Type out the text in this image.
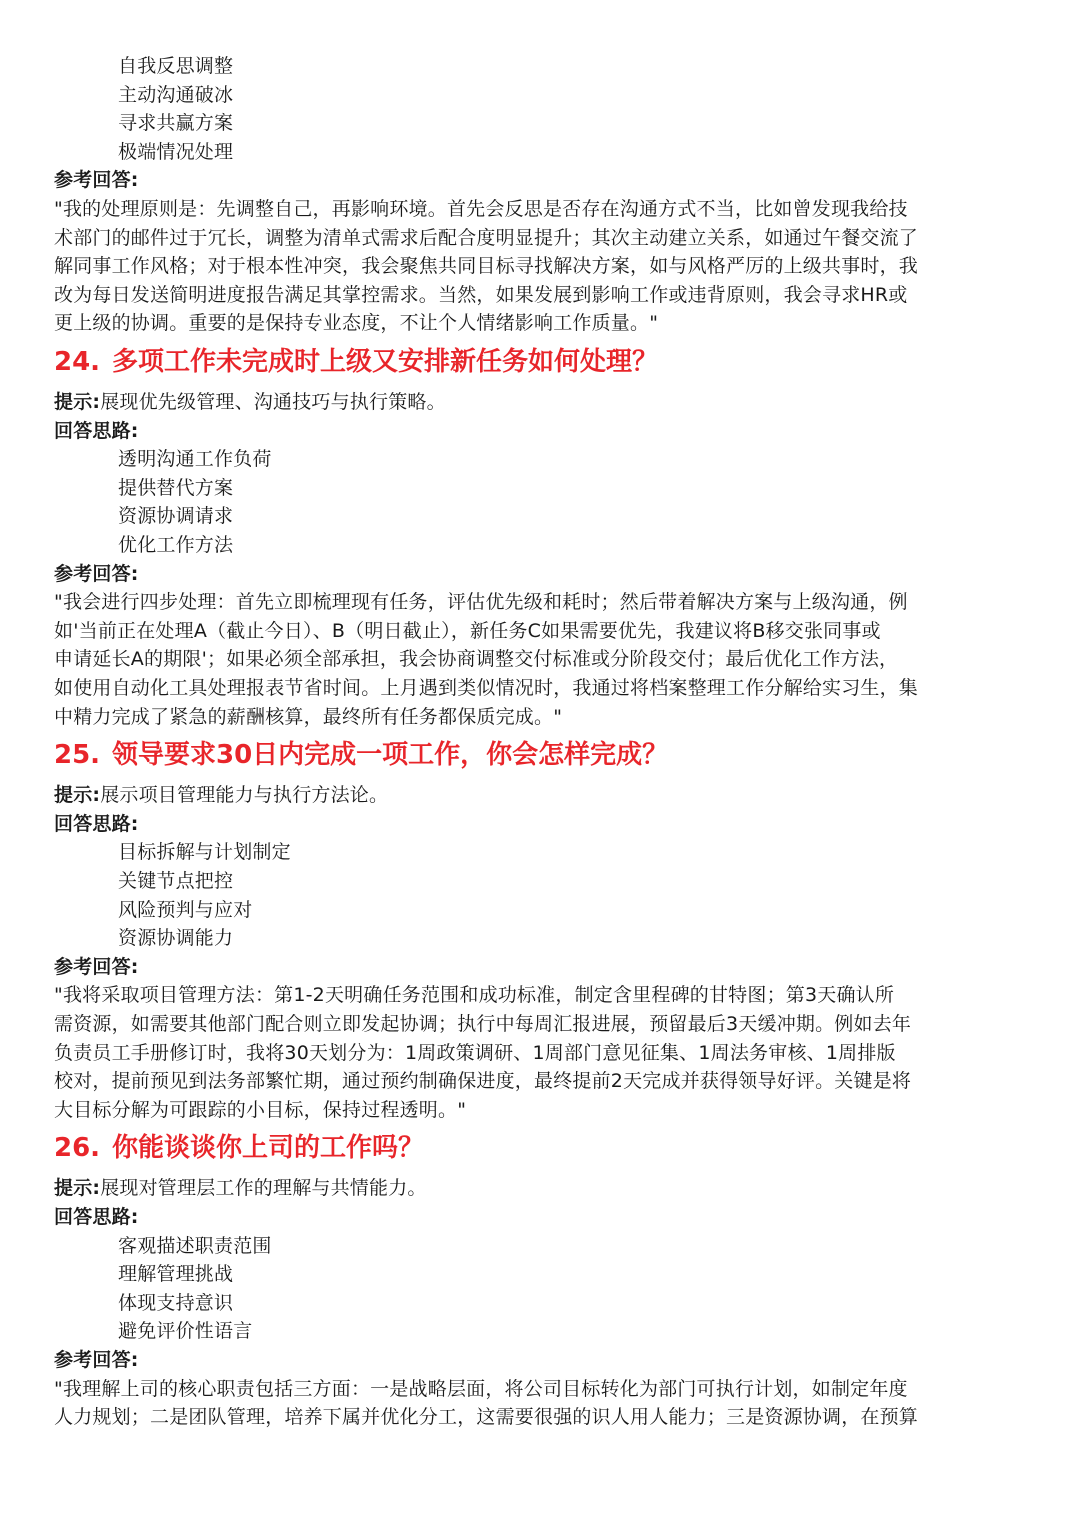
自我反思调整
主动沟通破冰
寻求共赢方案
极端情况处理
参考回答:
"我的处理原则是：先调整自己，再影响环境。首先会反思是否存在沟通方式不当，比如曾发现我给技
术部门的邮件过于冗长，调整为清单式需求后配合度明显提升；其次主动建立关系，如通过午餐交流了
解同事工作风格；对于根本性冲突，我会聚焦共同目标寻找解决方案，如与风格严厉的上级共事时，我
改为每日发送简明进度报告满足其掌控需求。当然，如果发展到影响工作或违背原则，我会寻求HR或
更上级的协调。重要的是保持专业态度，不让个人情绪影响工作质量。"
24. 多项工作未完成时上级又安排新任务如何处理？
提示:展现优先级管理、沟通技巧与执行策略。
回答思路:
透明沟通工作负荷
提供替代方案
资源协调请求
优化工作方法
参考回答:
"我会进行四步处理：首先立即梳理现有任务，评估优先级和耗时；然后带着解决方案与上级沟通，例
如'当前正在处理A（截止今日）、B（明日截止），新任务C如果需要优先，我建议将B移交张同事或
申请延长A的期限'；如果必须全部承担，我会协商调整交付标准或分阶段交付；最后优化工作方法，
如使用自动化工具处理报表节省时间。上月遇到类似情况时，我通过将档案整理工作分解给实习生，集
中精力完成了紧急的薪酬核算，最终所有任务都保质完成。"
25. 领导要求30日内完成一项工作，你会怎样完成？
提示:展示项目管理能力与执行方法论。
回答思路:
目标拆解与计划制定
关键节点把控
风险预判与应对
资源协调能力
参考回答:
"我将采取项目管理方法：第1-2天明确任务范围和成功标准，制定含里程碑的甘特图；第3天确认所
需资源，如需要其他部门配合则立即发起协调；执行中每周汇报进展，预留最后3天缓冲期。例如去年
负责员工手册修订时，我将30天划分为：1周政策调研、1周部门意见征集、1周法务审核、1周排版
校对，提前预见到法务部繁忙期，通过预约制确保进度，最终提前2天完成并获得领导好评。关键是将
大目标分解为可跟踪的小目标，保持过程透明。"
26. 你能谈谈你上司的工作吗？
提示:展现对管理层工作的理解与共情能力。
回答思路:
客观描述职责范围
理解管理挑战
体现支持意识
避免评价性语言
参考回答:
"我理解上司的核心职责包括三方面：一是战略层面，将公司目标转化为部门可执行计划，如制定年度
人力规划；二是团队管理，培养下属并优化分工，这需要很强的识人用人能力；三是资源协调，在预算
